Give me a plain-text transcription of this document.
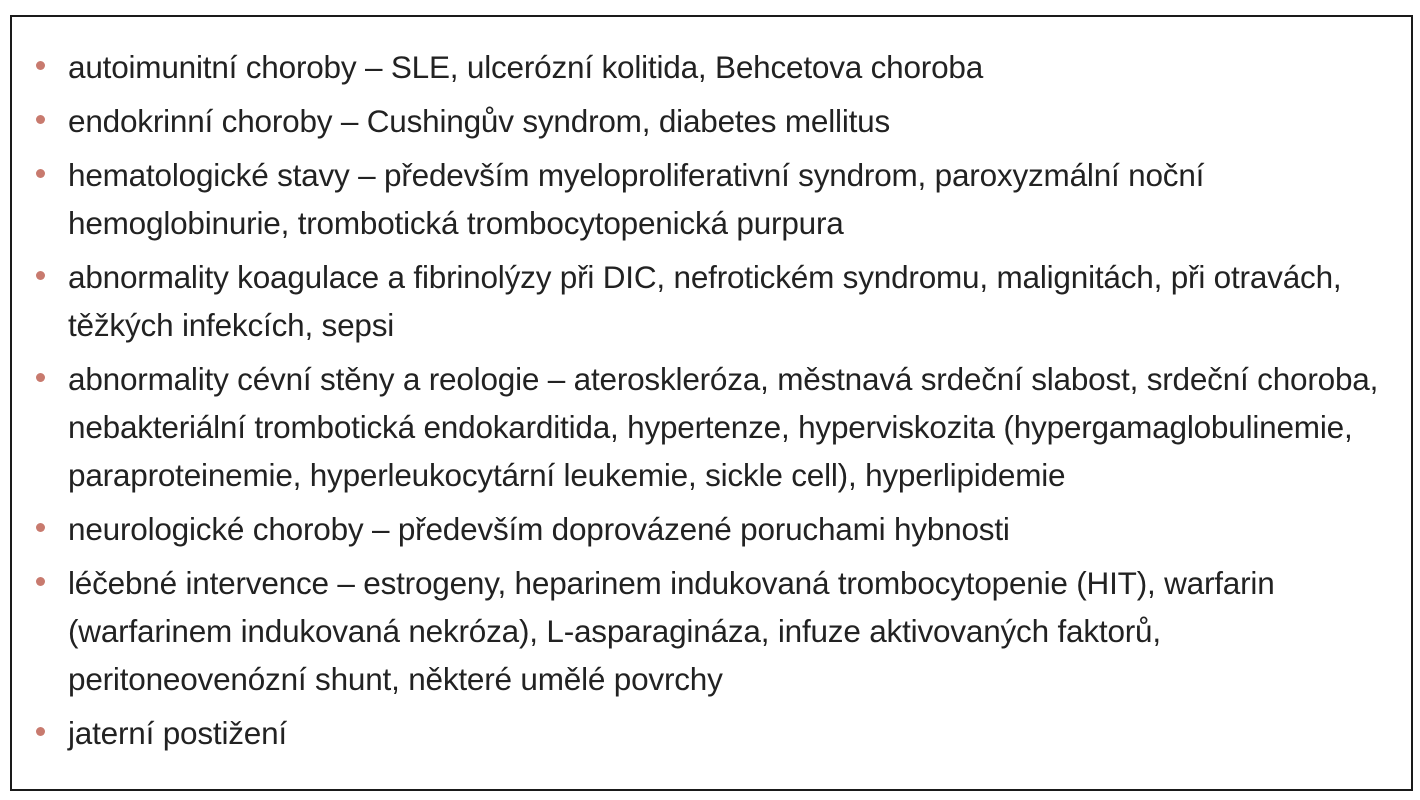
autoimunitní choroby – SLE, ulcerózní kolitida, Behcetova choroba
endokrinní choroby – Cushingův syndrom, diabetes mellitus
hematologické stavy – především myeloproliferativní syndrom, paroxyzmální noční hemoglobinurie, trombotická trombocytopenická purpura
abnormality koagulace a fibrinolýzy při DIC, nefrotickém syndromu, malignitách, při otravách, těžkých infekcích, sepsi
abnormality cévní stěny a reologie – ateroskleróza, městnavá srdeční slabost, srdeční choroba, nebakteriální trombotická endokarditida, hypertenze, hyperviskozita (hypergamaglobulinemie, paraproteinemie, hyperleukocytární leukemie, sickle cell), hyperlipidemie
neurologické choroby – především doprovázené poruchami hybnosti
léčebné intervence – estrogeny, heparinem indukovaná trombocytopenie (HIT), warfarin (warfarinem indukovaná nekróza), L-asparagináza, infuze aktivovaných faktorů, peritoneovenózní shunt, některé umělé povrchy
jaterní postižení
